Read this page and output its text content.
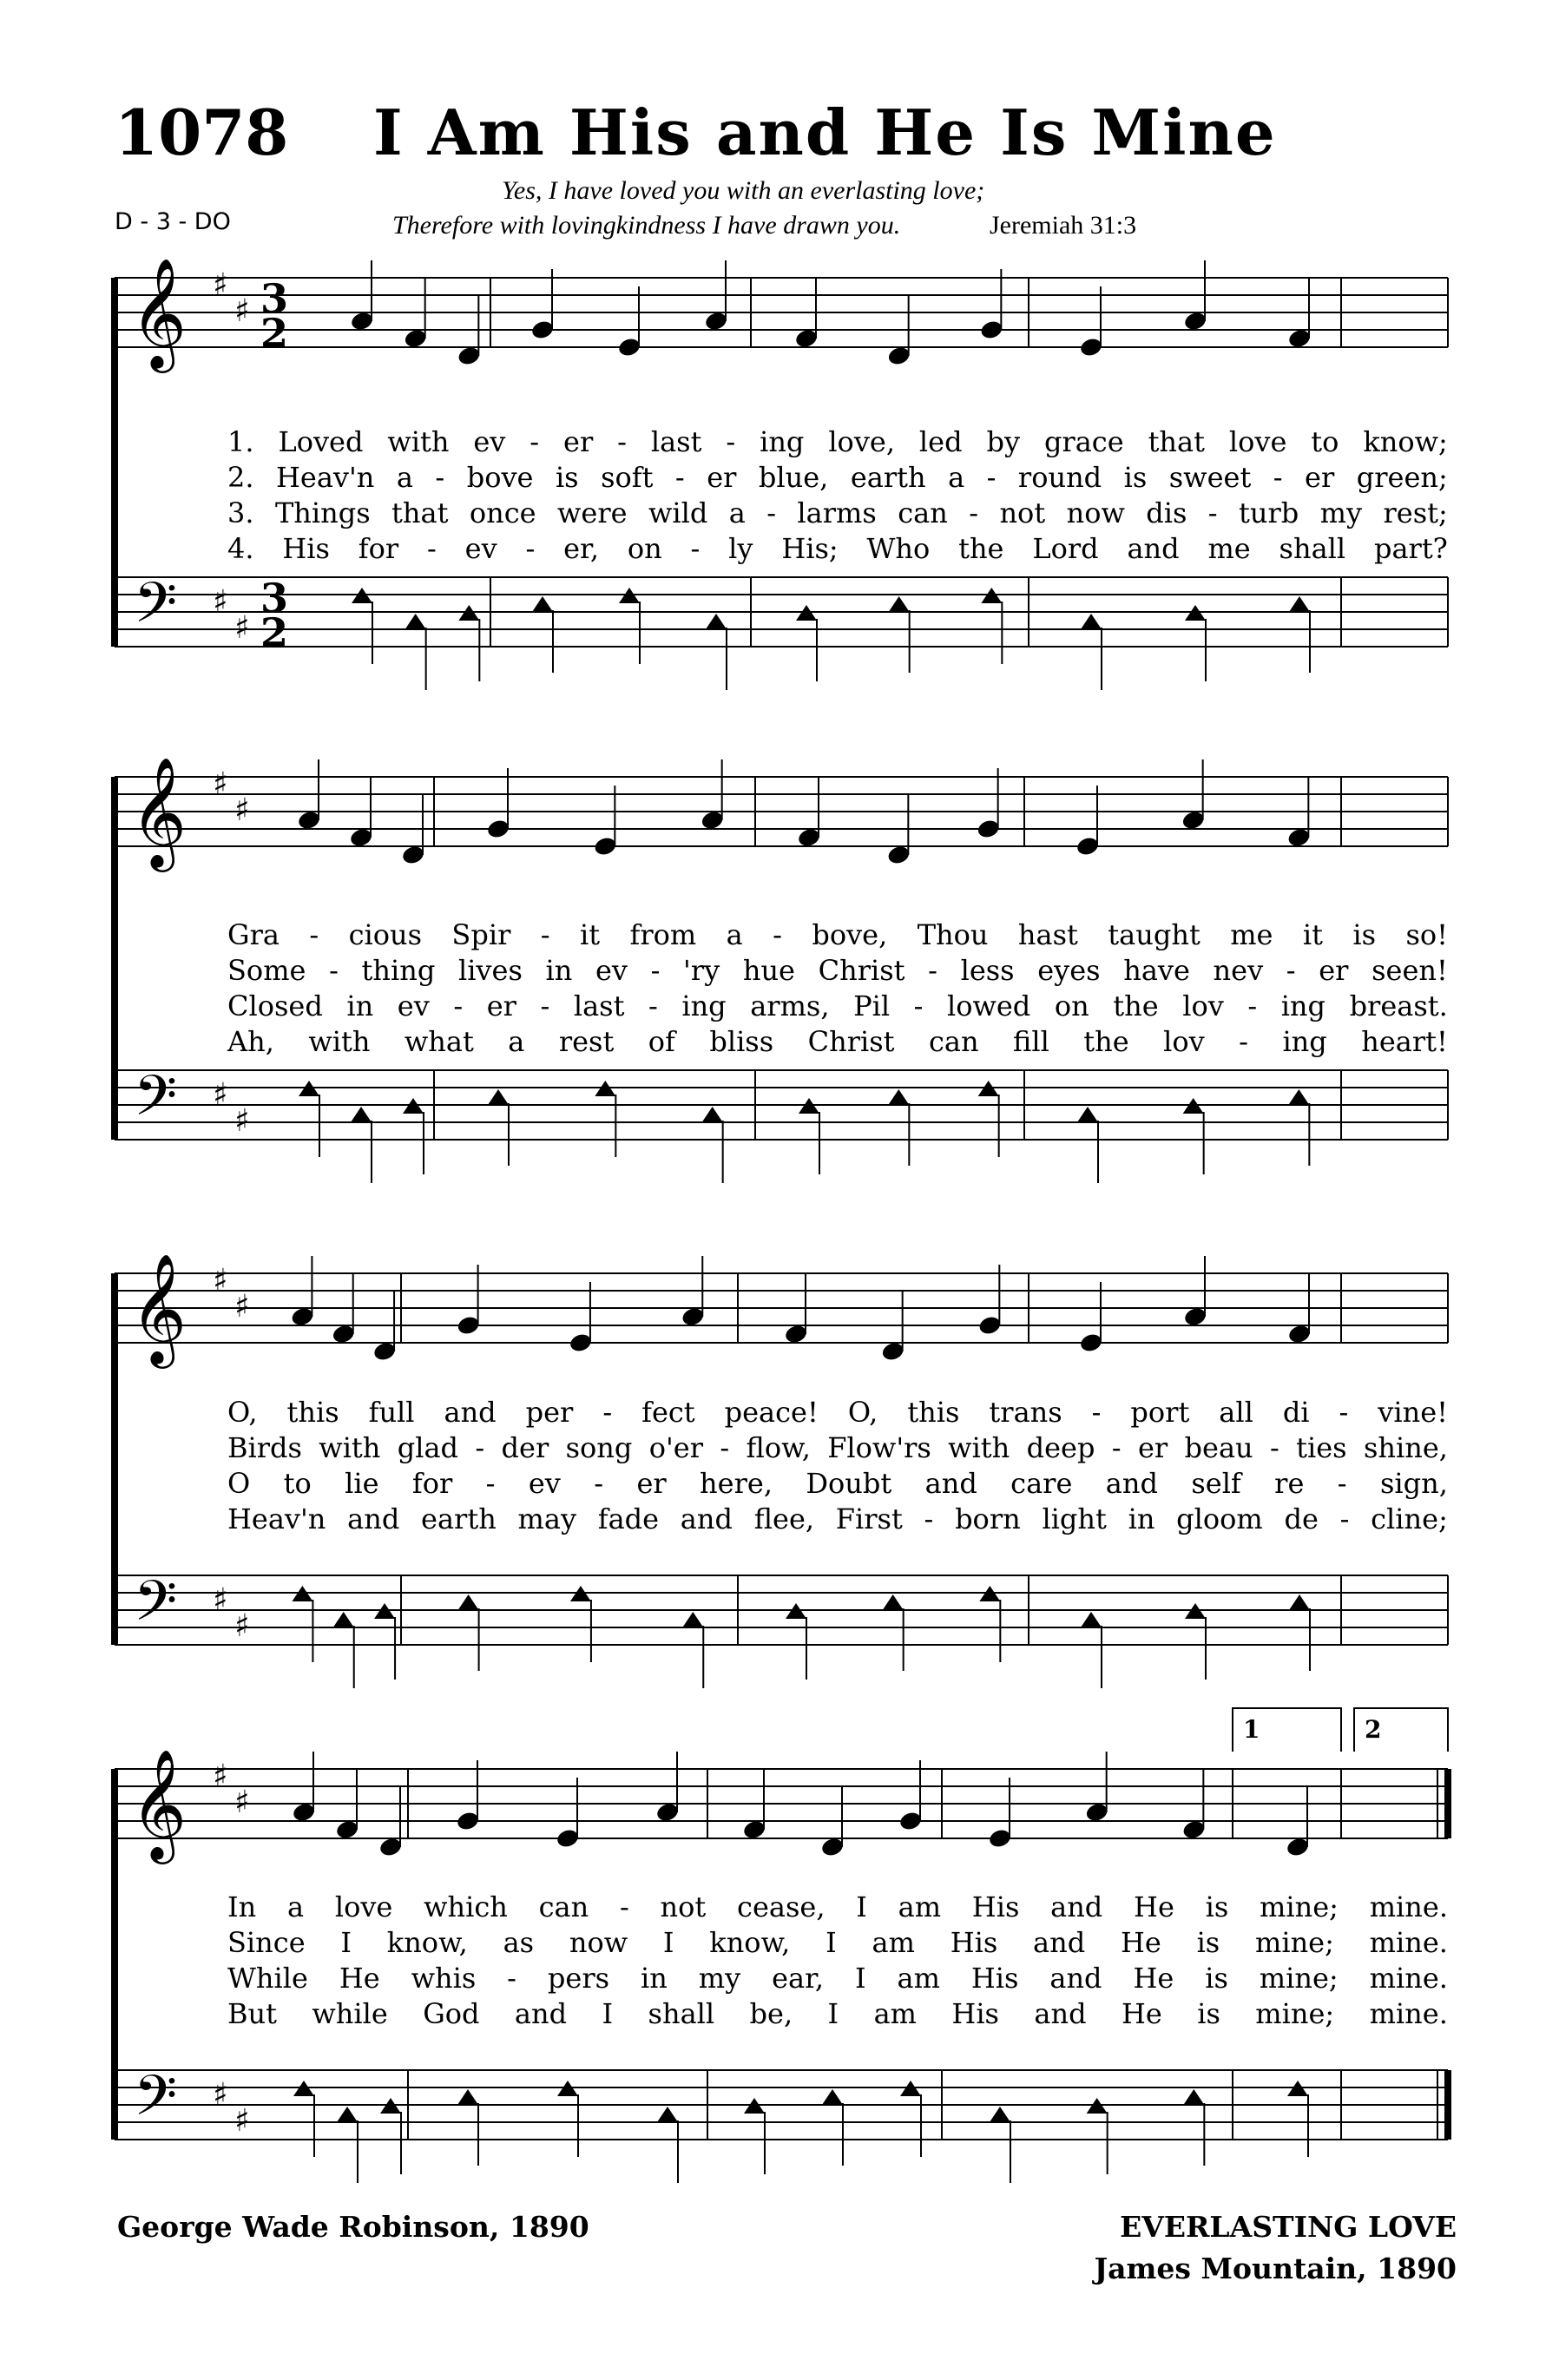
1078 I Am His and He Is Mine
D - 3 - DO
Yes, I have loved you with an everlasting love;
Therefore with lovingkindness I have drawn you.	Jeremiah 31:3
𝄞
𝄢
♯
♯
♯
♯
𝄞
𝄢
♯
♯
♯
♯
𝄞
𝄢
♯
♯
♯
♯
𝄞
𝄢
♯
♯
♯
♯
3
2
3
2
1	2
1. Loved with ev - er - last - ing love, led by grace that love to know;
2. Heav'n a - bove is soft - er blue, earth a - round is sweet - er green;
3. Things that once were wild a - larms can - not now dis - turb my rest;
4. His for - ev - er, on - ly His; Who the Lord and me shall part?
Gra - cious Spir - it from a - bove, Thou hast taught me it is so!
Some - thing lives in ev - 'ry hue Christ - less eyes have nev - er seen!
Closed in ev - er - last - ing arms, Pil - lowed on the lov - ing breast.
Ah, with what a rest of bliss Christ can fill the lov - ing heart!
O, this full and per - fect peace! O, this trans - port all di - vine!
Birds with glad - der song o'er - flow, Flow'rs with deep - er beau - ties shine,
O to lie for - ev - er here, Doubt and care and self re - sign,
Heav'n and earth may fade and flee, First - born light in gloom de - cline;
In a love which can - not cease, I am His and He is mine; mine.
Since I know, as now I know, I am His and He is mine; mine.
While He whis - pers in my ear, I am His and He is mine; mine.
But while God and I shall be, I am His and He is mine; mine.
George Wade Robinson, 1890	EVERLASTING LOVE
James Mountain, 1890
